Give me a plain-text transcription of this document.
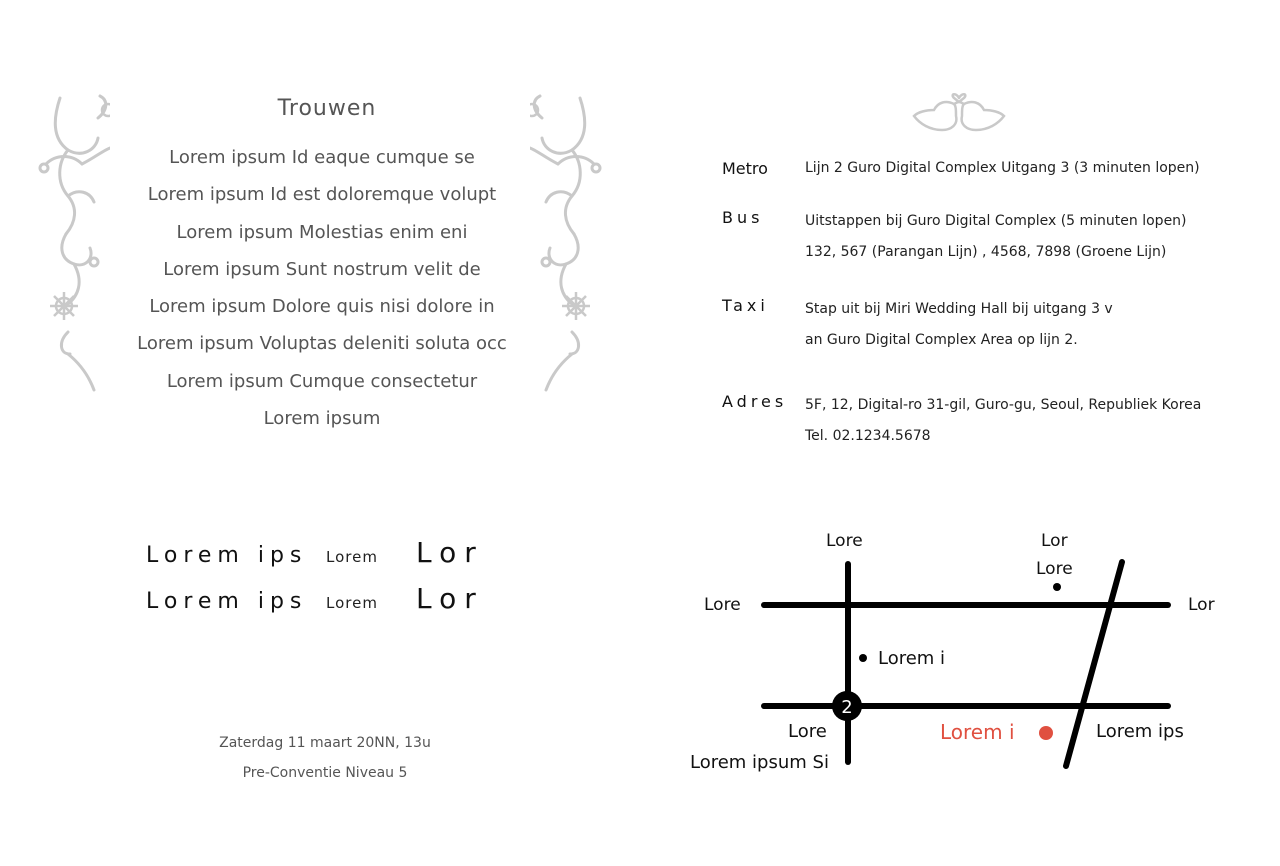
Trouwen
Lorem ipsum Id eaque cumque se
Lorem ipsum Id est doloremque volupt
Lorem ipsum Molestias enim eni
Lorem ipsum Sunt nostrum velit de
Lorem ipsum Dolore quis nisi dolore in
Lorem ipsum Voluptas deleniti soluta occ
Lorem ipsum Cumque consectetur
Lorem ipsum
Lorem ips	Lorem	Lor
Lorem ips	Lorem	Lor
Zaterdag 11 maart 20NN, 13u
Pre-Conventie Niveau 5
Metro	Lijn 2 Guro Digital Complex Uitgang 3 (3 minuten lopen)
Bus	Uitstappen bij Guro Digital Complex (5 minuten lopen)
132, 567 (Parangan Lijn) , 4568, 7898 (Groene Lijn)
Taxi	Stap uit bij Miri Wedding Hall bij uitgang 3 v
an Guro Digital Complex Area op lijn 2.
Adres 5F, 12, Digital-ro 31-gil, Guro-gu, Seoul, Republiek Korea
Tel. 02.1234.5678
2
Lore	Lor
Lore
Lore	Lor
Lorem i
Lore
Lorem ipsum Si
Lorem i	Lorem ips
